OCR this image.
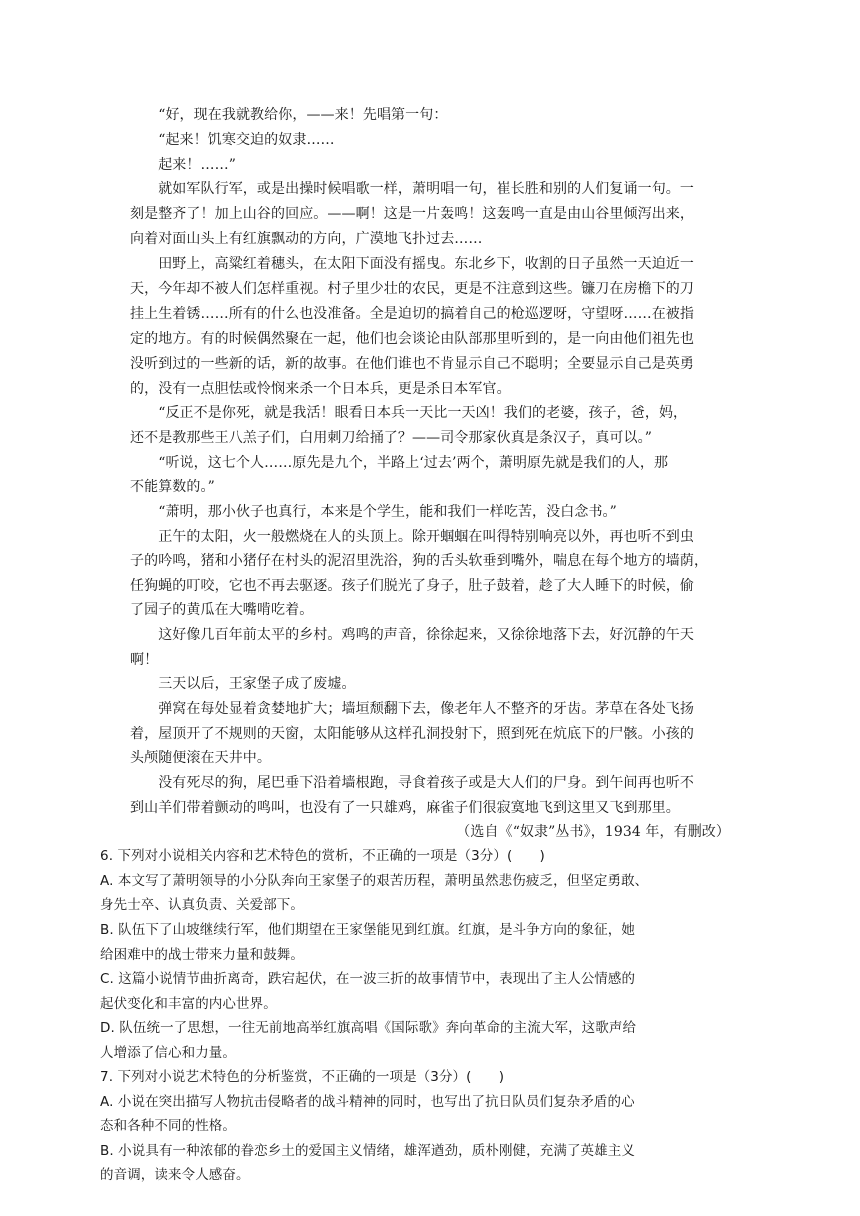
　　“好，现在我就教给你，——来！先唱第一句：
　　“起来！饥寒交迫的奴隶……
　　起来！……”
　　就如军队行军，或是出操时候唱歌一样，萧明唱一句，崔长胜和别的人们复诵一句。一
刻是整齐了！加上山谷的回应。——啊！这是一片轰鸣！这轰鸣一直是由山谷里倾泻出来，
向着对面山头上有红旗飘动的方向，广漠地飞扑过去……
　　田野上，高粱红着穗头，在太阳下面没有摇曳。东北乡下，收割的日子虽然一天迫近一
天，今年却不被人们怎样重视。村子里少壮的农民，更是不注意到这些。镰刀在房檐下的刀
挂上生着锈……所有的什么也没准备。全是迫切的搞着自己的枪巡逻呀，守望呀……在被指
定的地方。有的时候偶然聚在一起，他们也会谈论由队部那里听到的，是一向由他们祖先也
没听到过的一些新的话，新的故事。在他们谁也不肯显示自己不聪明；全要显示自己是英勇
的，没有一点胆怯或怜悯来杀一个日本兵，更是杀日本军官。
　　“反正不是你死，就是我活！眼看日本兵一天比一天凶！我们的老婆，孩子，爸，妈，
还不是教那些王八羔子们，白用刺刀给捅了？——司令那家伙真是条汉子，真可以。”
　　“听说，这七个人……原先是九个，半路上‘过去’两个，萧明原先就是我们的人，那
不能算数的。”
　　“萧明，那小伙子也真行，本来是个学生，能和我们一样吃苦，没白念书。”
　　正午的太阳，火一般燃烧在人的头顶上。除开蝈蝈在叫得特别响亮以外，再也听不到虫
子的吟鸣，猪和小猪仔在村头的泥沼里洗浴，狗的舌头软垂到嘴外，喘息在每个地方的墙荫，
任狗蝇的叮咬，它也不再去驱逐。孩子们脱光了身子，肚子鼓着，趁了大人睡下的时候，偷
了园子的黄瓜在大嘴啃吃着。
　　这好像几百年前太平的乡村。鸡鸣的声音，徐徐起来，又徐徐地落下去，好沉静的午天
啊！
　　三天以后，王家堡子成了废墟。
　　弹窝在每处显着贪婪地扩大；墙垣颓翻下去，像老年人不整齐的牙齿。茅草在各处飞扬
着，屋顶开了不规则的天窗，太阳能够从这样孔洞投射下，照到死在炕底下的尸骸。小孩的
头颅随便滚在天井中。
　　没有死尽的狗，尾巴垂下沿着墙根跑，寻食着孩子或是大人们的尸身。到午间再也听不
到山羊们带着颤动的鸣叫，也没有了一只雄鸡，麻雀子们很寂寞地飞到这里又飞到那里。
（选自《“奴隶”丛书》，1934 年，有删改）
6. 下列对小说相关内容和艺术特色的赏析，不正确的一项是（3分）(　　)
A. 本文写了萧明领导的小分队奔向王家堡子的艰苦历程，萧明虽然悲伤疲乏，但坚定勇敢、
身先士卒、认真负责、关爱部下。
B. 队伍下了山坡继续行军，他们期望在王家堡能见到红旗。红旗，是斗争方向的象征，她
给困难中的战士带来力量和鼓舞。
C. 这篇小说情节曲折离奇，跌宕起伏，在一波三折的故事情节中，表现出了主人公情感的
起伏变化和丰富的内心世界。
D. 队伍统一了思想，一往无前地高举红旗高唱《国际歌》奔向革命的主流大军，这歌声给
人增添了信心和力量。
7. 下列对小说艺术特色的分析鉴赏，不正确的一项是（3分）(　　)
A. 小说在突出描写人物抗击侵略者的战斗精神的同时，也写出了抗日队员们复杂矛盾的心
态和各种不同的性格。
B. 小说具有一种浓郁的眷恋乡土的爱国主义情绪，雄浑遒劲，质朴刚健，充满了英雄主义
的音调，读来令人感奋。
